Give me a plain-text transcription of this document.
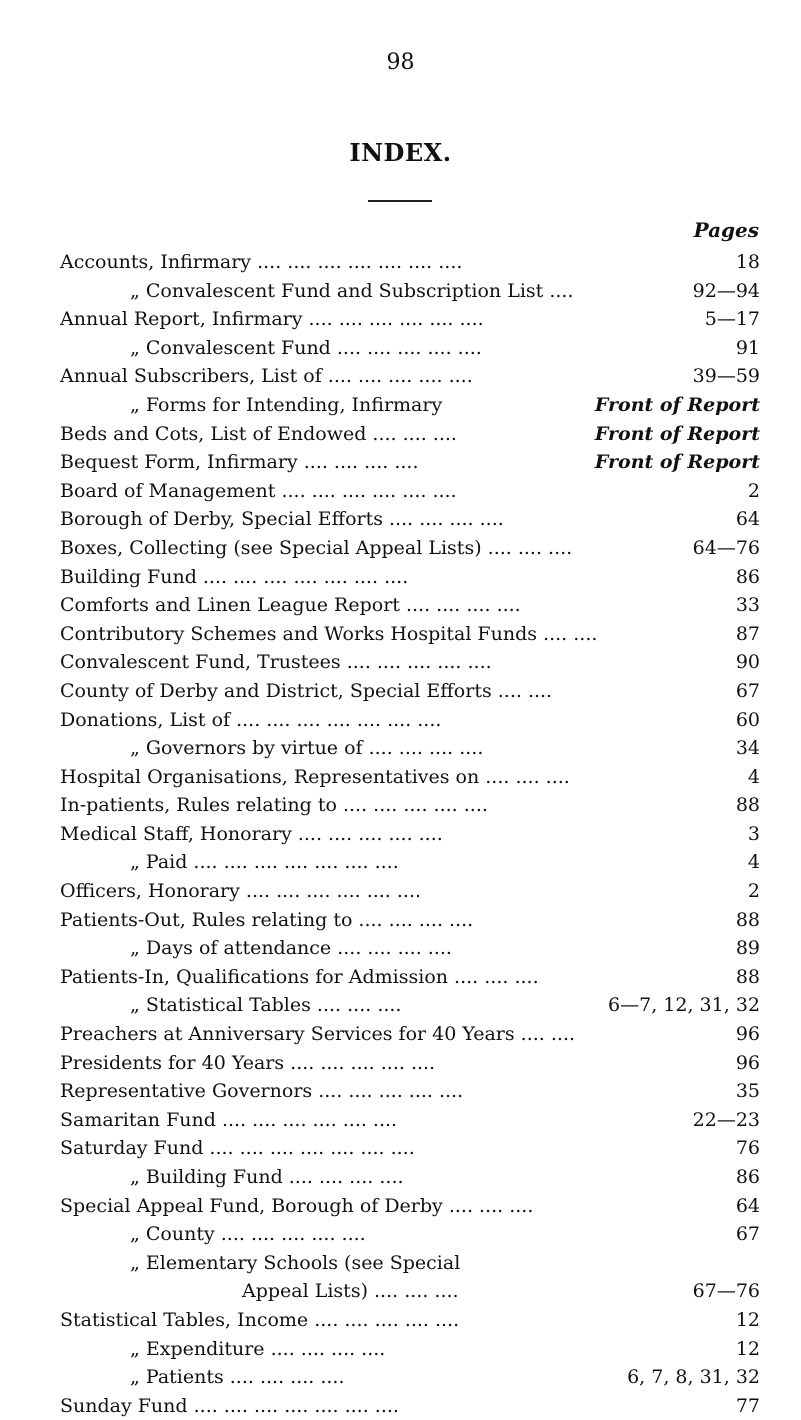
98
INDEX.
Pages
Accounts, Infirmary .... .... .... .... .... .... ....	18
„ Convalescent Fund and Subscription List ....	92—94
Annual Report, Infirmary .... .... .... .... .... ....	5—17
„ Convalescent Fund .... .... .... .... ....	91
Annual Subscribers, List of .... .... .... .... ....	39—59
„ Forms for Intending, Infirmary	Front of Report
Beds and Cots, List of Endowed .... .... ....	Front of Report
Bequest Form, Infirmary .... .... .... ....	Front of Report
Board of Management .... .... .... .... .... ....	2
Borough of Derby, Special Efforts .... .... .... ....	64
Boxes, Collecting (see Special Appeal Lists) .... .... ....	64—76
Building Fund .... .... .... .... .... .... ....	86
Comforts and Linen League Report .... .... .... ....	33
Contributory Schemes and Works Hospital Funds .... ....	87
Convalescent Fund, Trustees .... .... .... .... ....	90
County of Derby and District, Special Efforts .... ....	67
Donations, List of .... .... .... .... .... .... ....	60
„ Governors by virtue of .... .... .... ....	34
Hospital Organisations, Representatives on .... .... ....	4
In-patients, Rules relating to .... .... .... .... ....	88
Medical Staff, Honorary .... .... .... .... ....	3
„ Paid .... .... .... .... .... .... ....	4
Officers, Honorary .... .... .... .... .... ....	2
Patients-Out, Rules relating to .... .... .... ....	88
„ Days of attendance .... .... .... ....	89
Patients-In, Qualifications for Admission .... .... ....	88
„ Statistical Tables .... .... ....	6—7, 12, 31, 32
Preachers at Anniversary Services for 40 Years .... ....	96
Presidents for 40 Years .... .... .... .... ....	96
Representative Governors .... .... .... .... ....	35
Samaritan Fund .... .... .... .... .... ....	22—23
Saturday Fund .... .... .... .... .... .... ....	76
„ Building Fund .... .... .... ....	86
Special Appeal Fund, Borough of Derby .... .... ....	64
„ County .... .... .... .... ....	67
„ Elementary Schools (see Special
Appeal Lists) .... .... ....	67—76
Statistical Tables, Income .... .... .... .... ....	12
„ Expenditure .... .... .... ....	12
„ Patients .... .... .... ....	6, 7, 8, 31, 32
Sunday Fund .... .... .... .... .... .... ....	77
